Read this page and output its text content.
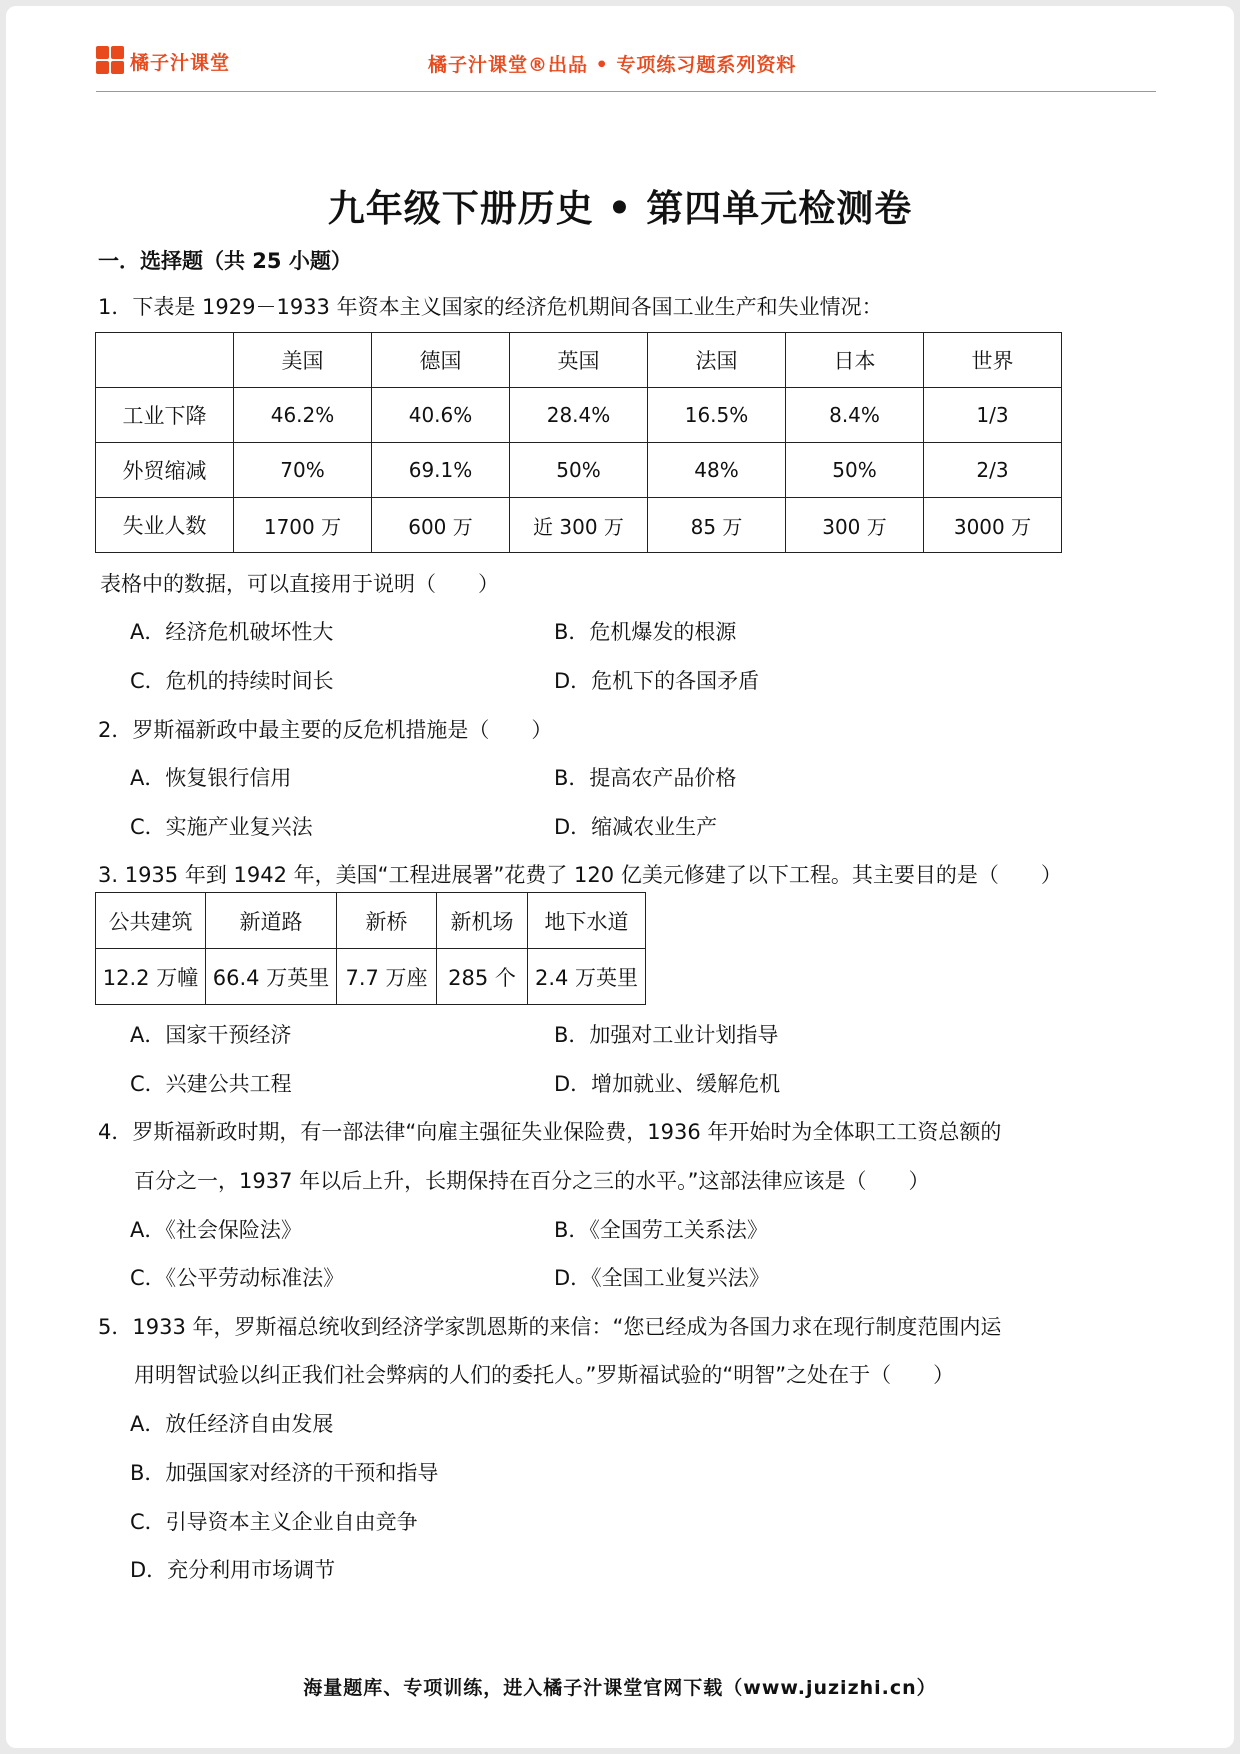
橘子汁课堂	橘子汁课堂®出品 • 专项练习题系列资料
九年级下册历史 • 第四单元检测卷
一．选择题（共 25 小题）
1．下表是 1929－1933 年资本主义国家的经济危机期间各国工业生产和失业情况：
	美国	德国	英国	法国	日本	世界
工业下降	46.2%	40.6%	28.4%	16.5%	8.4%	1/3
外贸缩减	70%	69.1%	50%	48%	50%	2/3
失业人数	1700 万	600 万	近 300 万	85 万	300 万	3000 万
表格中的数据，可以直接用于说明（　　）
A．经济危机破坏性大	B．危机爆发的根源
C．危机的持续时间长	D．危机下的各国矛盾
2．罗斯福新政中最主要的反危机措施是（　　）
A．恢复银行信用	B．提高农产品价格
C．实施产业复兴法	D．缩减农业生产
3. 1935 年到 1942 年，美国“工程进展署”花费了 120 亿美元修建了以下工程。其主要目的是（　　）
公共建筑	新道路	新桥	新机场	地下水道
12.2 万幢	66.4 万英里	7.7 万座	285 个	2.4 万英里
A．国家干预经济	B．加强对工业计划指导
C．兴建公共工程	D．增加就业、缓解危机
4．罗斯福新政时期，有一部法律“向雇主强征失业保险费，1936 年开始时为全体职工工资总额的
百分之一，1937 年以后上升，长期保持在百分之三的水平。”这部法律应该是（　　）
A．《社会保险法》	B．《全国劳工关系法》
C．《公平劳动标准法》	D．《全国工业复兴法》
5．1933 年，罗斯福总统收到经济学家凯恩斯的来信：“您已经成为各国力求在现行制度范围内运
用明智试验以纠正我们社会弊病的人们的委托人。”罗斯福试验的“明智”之处在于（　　）
A．放任经济自由发展
B．加强国家对经济的干预和指导
C．引导资本主义企业自由竞争
D．充分利用市场调节
海量题库、专项训练，进入橘子汁课堂官网下载（www.juzizhi.cn）
